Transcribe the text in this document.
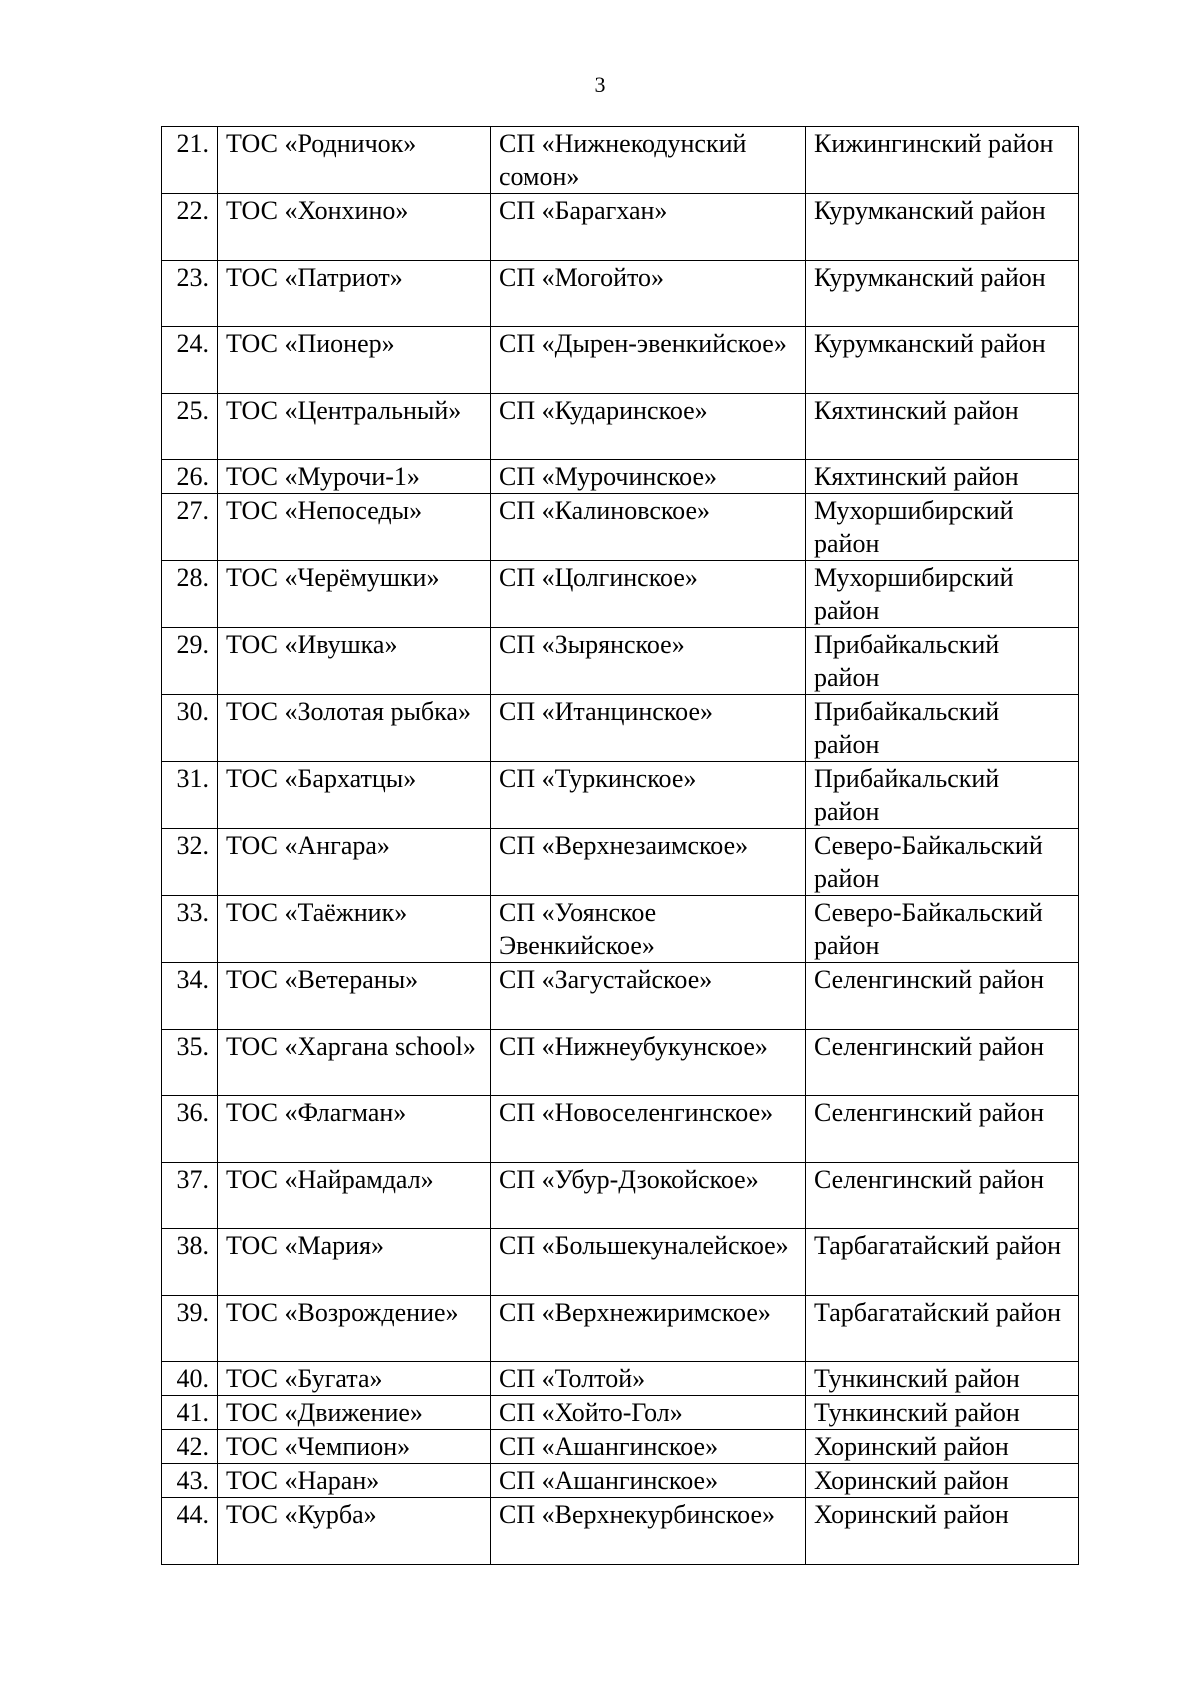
3
21.	ТОС «Родничок»	СП «Нижнекодунский сомон»	Кижингинский район
22.	ТОС «Хонхино»	СП «Барагхан»	Курумканский район
23.	ТОС «Патриот»	СП «Могойто»	Курумканский район
24.	ТОС «Пионер»	СП «Дырен-эвенкийское»	Курумканский район
25.	ТОС «Центральный»	СП «Кударинское»	Кяхтинский район
26.	ТОС «Мурочи-1»	СП «Мурочинское»	Кяхтинский район
27.	ТОС «Непоседы»	СП «Калиновское»	Мухоршибирский район
28.	ТОС «Черёмушки»	СП «Цолгинское»	Мухоршибирский район
29.	ТОС «Ивушка»	СП «Зырянское»	Прибайкальский район
30.	ТОС «Золотая рыбка»	СП «Итанцинское»	Прибайкальский район
31.	ТОС «Бархатцы»	СП «Туркинское»	Прибайкальский район
32.	ТОС «Ангара»	СП «Верхнезаимское»	Северо-Байкальский район
33.	ТОС «Таёжник»	СП «Уоянское Эвенкийское»	Северо-Байкальский район
34.	ТОС «Ветераны»	СП «Загустайское»	Селенгинский район
35.	ТОС «Харгана school»	СП «Нижнеубукунское»	Селенгинский район
36.	ТОС «Флагман»	СП «Новоселенгинское»	Селенгинский район
37.	ТОС «Найрамдал»	СП «Убур-Дзокойское»	Селенгинский район
38.	ТОС «Мария»	СП «Большекуналейское»	Тарбагатайский район
39.	ТОС «Возрождение»	СП «Верхнежиримское»	Тарбагатайский район
40.	ТОС «Бугата»	СП «Толтой»	Тункинский район
41.	ТОС «Движение»	СП «Хойто-Гол»	Тункинский район
42.	ТОС «Чемпион»	СП «Ашангинское»	Хоринский район
43.	ТОС «Наран»	СП «Ашангинское»	Хоринский район
44.	ТОС «Курба»	СП «Верхнекурбинское»	Хоринский район
